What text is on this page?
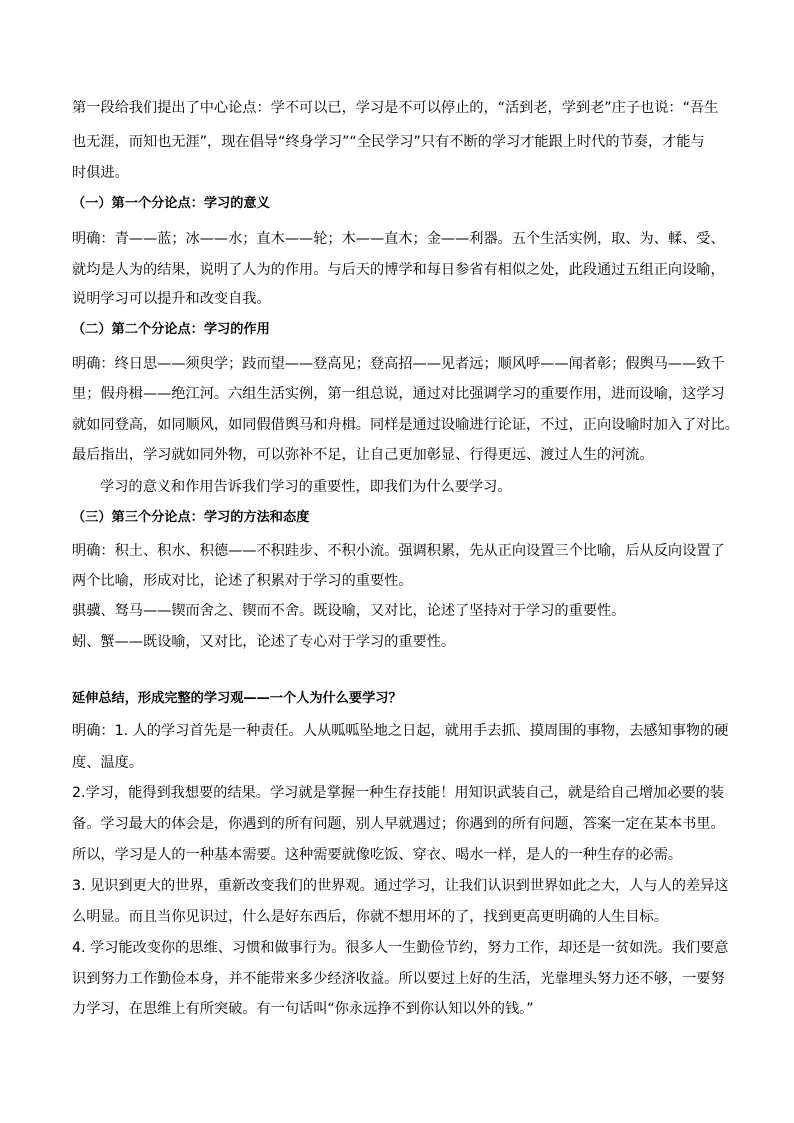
第一段给我们提出了中心论点：学不可以已，学习是不可以停止的，“活到老，学到老”庄子也说：“吾生
也无涯，而知也无涯”，现在倡导“终身学习”“全民学习”只有不断的学习才能跟上时代的节奏，才能与
时俱进。
（一）第一个分论点：学习的意义
明确：青——蓝；冰——水；直木——轮；木——直木；金——利器。五个生活实例，取、为、輮、受、
就均是人为的结果，说明了人为的作用。与后天的博学和每日参省有相似之处，此段通过五组正向设喻，
说明学习可以提升和改变自我。
（二）第二个分论点：学习的作用
明确：终日思——须臾学；跂而望——登高见；登高招——见者远；顺风呼——闻者彰；假舆马——致千
里；假舟楫——绝江河。六组生活实例，第一组总说，通过对比强调学习的重要作用，进而设喻，这学习
就如同登高，如同顺风，如同假借舆马和舟楫。同样是通过设喻进行论证，不过，正向设喻时加入了对比。
最后指出，学习就如同外物，可以弥补不足，让自己更加彰显、行得更远、渡过人生的河流。
学习的意义和作用告诉我们学习的重要性，即我们为什么要学习。
（三）第三个分论点：学习的方法和态度
明确：积土、积水、积德——不积跬步、不积小流。强调积累，先从正向设置三个比喻，后从反向设置了
两个比喻，形成对比，论述了积累对于学习的重要性。
骐骥、驽马——锲而舍之、锲而不舍。既设喻，又对比，论述了坚持对于学习的重要性。
蚓、蟹——既设喻，又对比，论述了专心对于学习的重要性。
延伸总结，形成完整的学习观——一个人为什么要学习？
明确：1. 人的学习首先是一种责任。人从呱呱坠地之日起，就用手去抓、摸周围的事物，去感知事物的硬
度、温度。
2.学习，能得到我想要的结果。学习就是掌握一种生存技能！用知识武装自己，就是给自己增加必要的装
备。学习最大的体会是，你遇到的所有问题，别人早就遇过；你遇到的所有问题，答案一定在某本书里。
所以，学习是人的一种基本需要。这种需要就像吃饭、穿衣、喝水一样，是人的一种生存的必需。
3. 见识到更大的世界，重新改变我们的世界观。通过学习，让我们认识到世界如此之大，人与人的差异这
么明显。而且当你见识过，什么是好东西后，你就不想用坏的了，找到更高更明确的人生目标。
4. 学习能改变你的思维、习惯和做事行为。很多人一生勤俭节约，努力工作，却还是一贫如洗。我们要意
识到努力工作勤俭本身，并不能带来多少经济收益。所以要过上好的生活，光靠埋头努力还不够，一要努
力学习，在思维上有所突破。有一句话叫“你永远挣不到你认知以外的钱。”
